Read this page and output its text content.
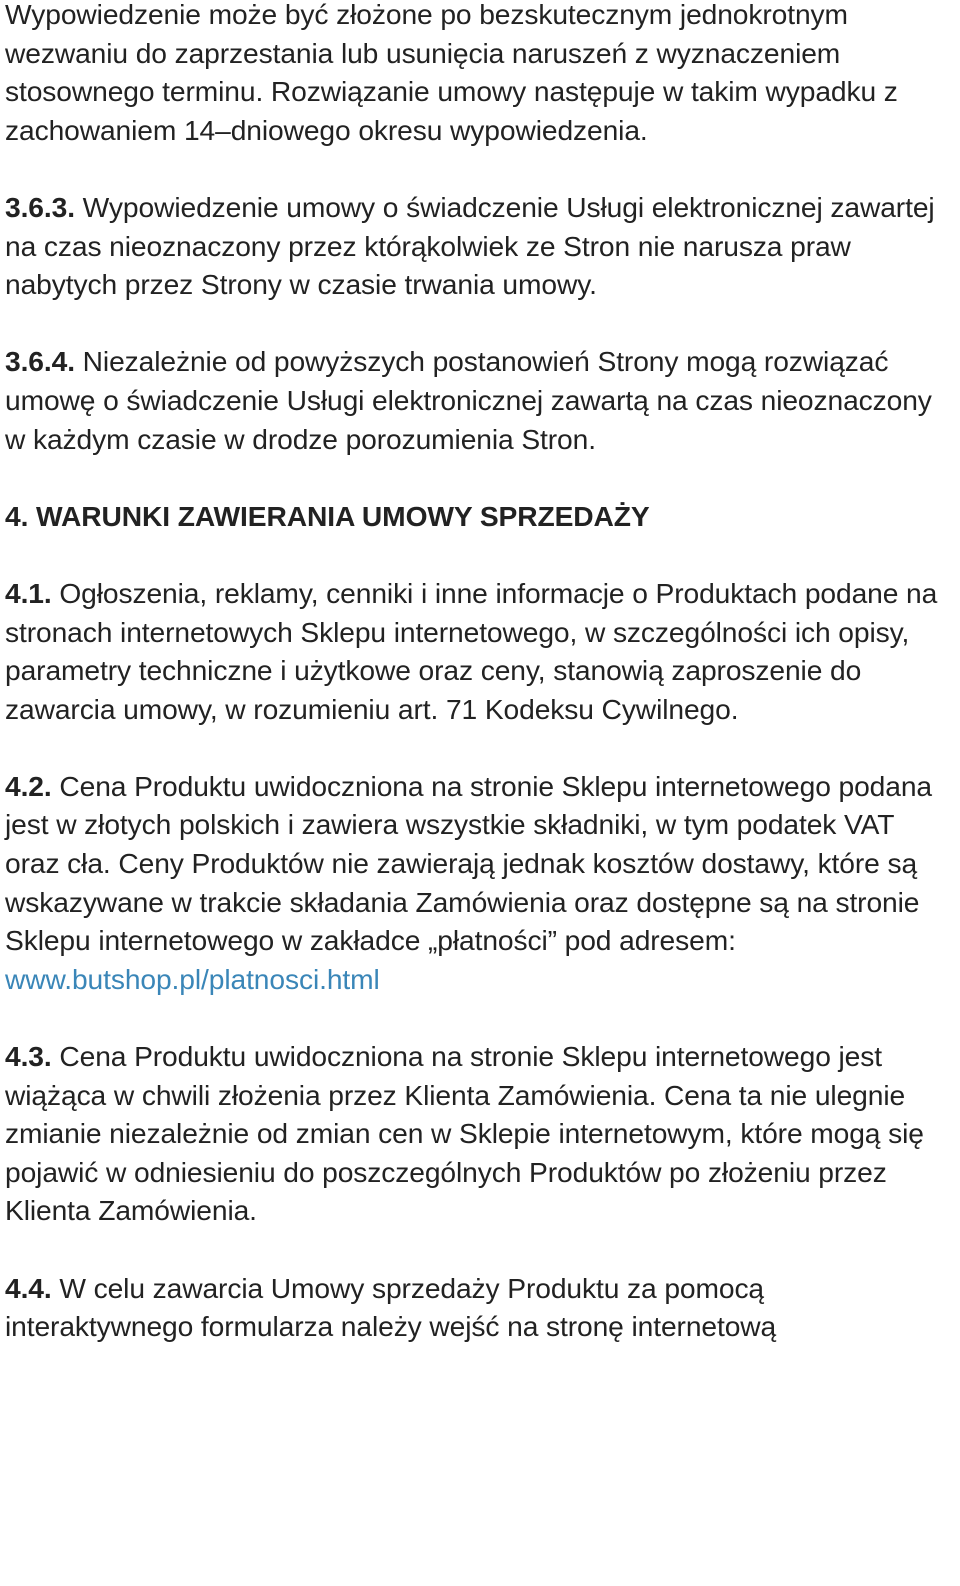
Wypowiedzenie może być złożone po bezskutecznym jednokrotnym wezwaniu do zaprzestania lub usunięcia naruszeń z wyznaczeniem stosownego terminu. Rozwiązanie umowy następuje w takim wypadku z zachowaniem 14–dniowego okresu wypowiedzenia.

3.6.3. Wypowiedzenie umowy o świadczenie Usługi elektronicznej zawartej na czas nieoznaczony przez którąkolwiek ze Stron nie narusza praw nabytych przez Strony w czasie trwania umowy.

3.6.4. Niezależnie od powyższych postanowień Strony mogą rozwiązać umowę o świadczenie Usługi elektronicznej zawartą na czas nieoznaczony w każdym czasie w drodze porozumienia Stron.

4. WARUNKI ZAWIERANIA UMOWY SPRZEDAŻY

4.1. Ogłoszenia, reklamy, cenniki i inne informacje o Produktach podane na stronach internetowych Sklepu internetowego, w szczególności ich opisy, parametry techniczne i użytkowe oraz ceny, stanowią zaproszenie do zawarcia umowy, w rozumieniu art. 71 Kodeksu Cywilnego.

4.2. Cena Produktu uwidoczniona na stronie Sklepu internetowego podana jest w złotych polskich i zawiera wszystkie składniki, w tym podatek VAT oraz cła. Ceny Produktów nie zawierają jednak kosztów dostawy, które są wskazywane w trakcie składania Zamówienia oraz dostępne są na stronie Sklepu internetowego w zakładce „płatności” pod adresem: www.butshop.pl/platnosci.html

4.3. Cena Produktu uwidoczniona na stronie Sklepu internetowego jest wiążąca w chwili złożenia przez Klienta Zamówienia. Cena ta nie ulegnie zmianie niezależnie od zmian cen w Sklepie internetowym, które mogą się pojawić w odniesieniu do poszczególnych Produktów po złożeniu przez Klienta Zamówienia.

4.4. W celu zawarcia Umowy sprzedaży Produktu za pomocą interaktywnego formularza należy wejść na stronę internetową
